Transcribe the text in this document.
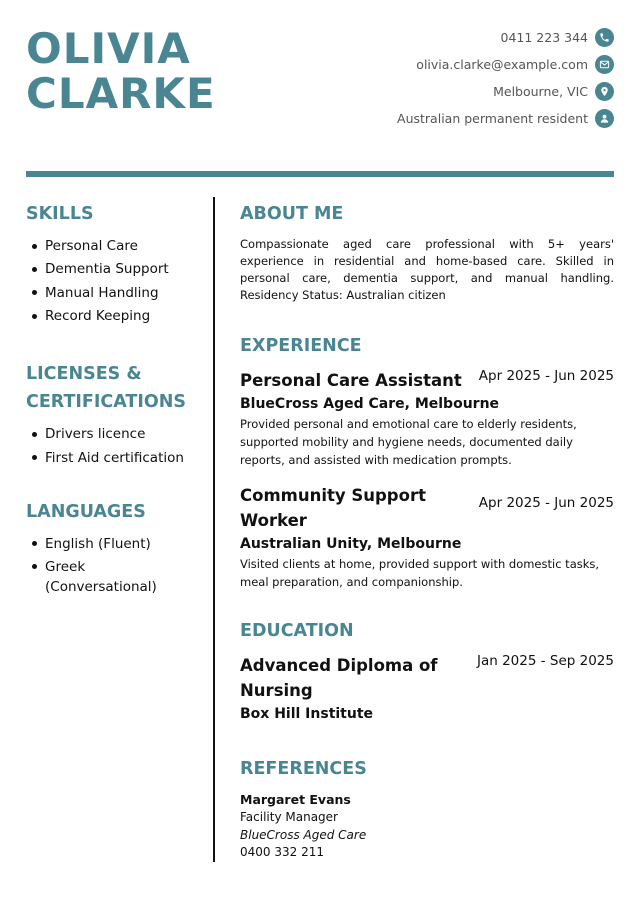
OLIVIA
CLARKE
0411 223 344
olivia.clarke@example.com
Melbourne, VIC
Australian permanent resident
SKILLS
Personal Care
Dementia Support
Manual Handling
Record Keeping
LICENSES & CERTIFICATIONS
Drivers licence
First Aid certification
LANGUAGES
English (Fluent)
Greek (Conversational)
ABOUT ME
Compassionate aged care professional with 5+ years' experience in residential and home-based care. Skilled in personal care, dementia support, and manual handling. Residency Status: Australian citizen
EXPERIENCE
Personal Care Assistant Apr 2025 - Jun 2025
BlueCross Aged Care, Melbourne
Provided personal and emotional care to elderly residents, supported mobility and hygiene needs, documented daily reports, and assisted with medication prompts.
Community Support Worker
Apr 2025 - Jun 2025
Australian Unity, Melbourne
Visited clients at home, provided support with domestic tasks, meal preparation, and companionship.
EDUCATION
Advanced Diploma of Nursing
Jan 2025 - Sep 2025
Box Hill Institute
REFERENCES
Margaret Evans
Facility Manager
BlueCross Aged Care
0400 332 211
